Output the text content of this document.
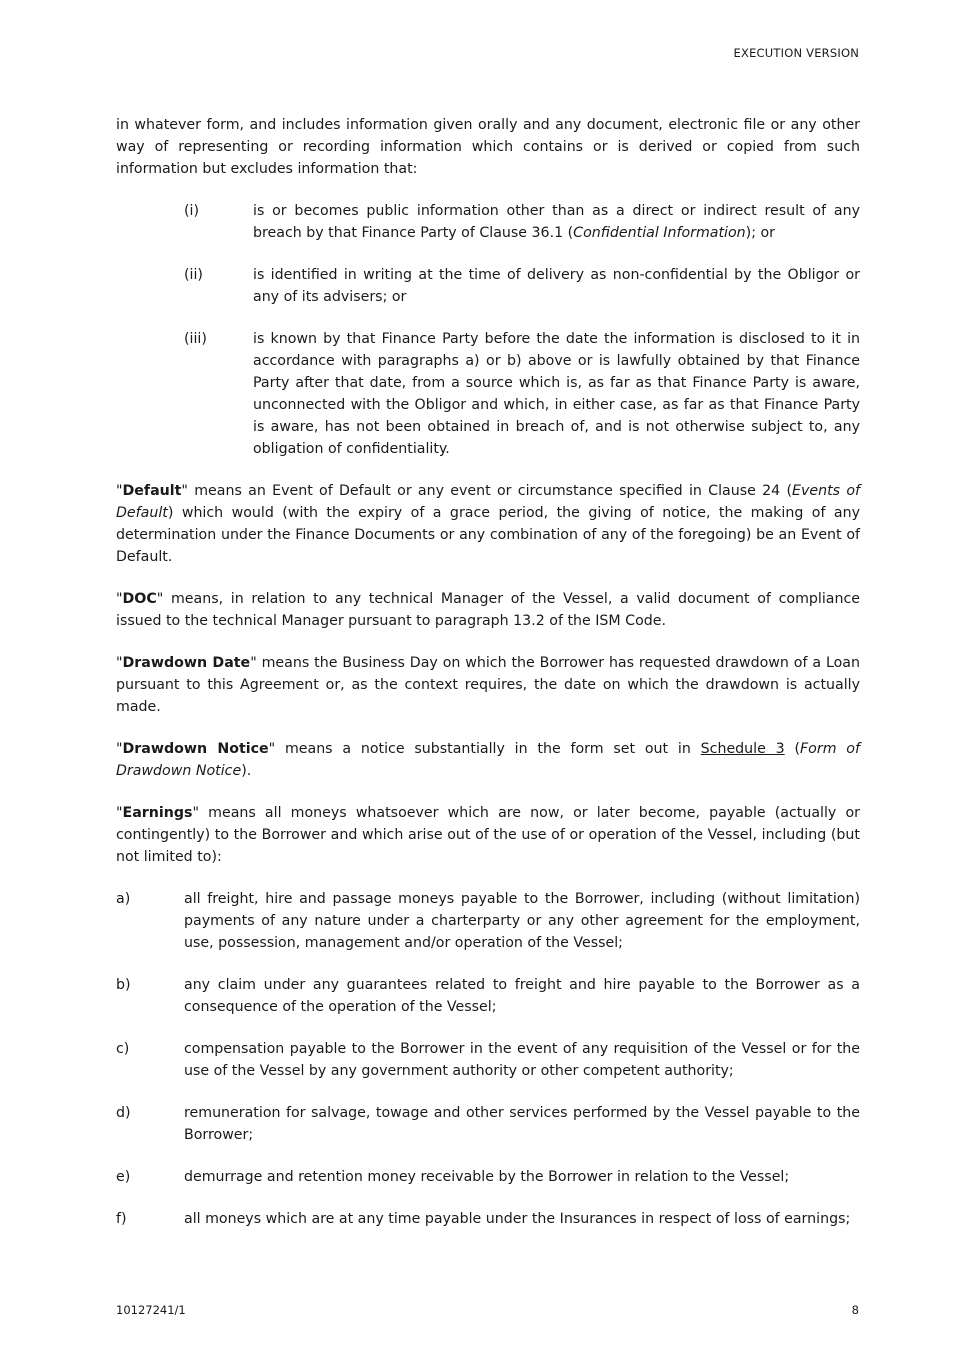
EXECUTION VERSION

in whatever form, and includes information given orally and any document, electronic file or any other way of representing or recording information which contains or is derived or copied from such information but excludes information that:

(i)	is or becomes public information other than as a direct or indirect result of any breach by that Finance Party of Clause 36.1 (Confidential Information); or
(ii)	is identified in writing at the time of delivery as non-confidential by the Obligor or any of its advisers; or
(iii)	is known by that Finance Party before the date the information is disclosed to it in accordance with paragraphs a) or b) above or is lawfully obtained by that Finance Party after that date, from a source which is, as far as that Finance Party is aware, unconnected with the Obligor and which, in either case, as far as that Finance Party is aware, has not been obtained in breach of, and is not otherwise subject to, any obligation of confidentiality.

"Default" means an Event of Default or any event or circumstance specified in Clause 24 (Events of Default) which would (with the expiry of a grace period, the giving of notice, the making of any determination under the Finance Documents or any combination of any of the foregoing) be an Event of Default.

"DOC" means, in relation to any technical Manager of the Vessel, a valid document of compliance issued to the technical Manager pursuant to paragraph 13.2 of the ISM Code.

"Drawdown Date" means the Business Day on which the Borrower has requested drawdown of a Loan pursuant to this Agreement or, as the context requires, the date on which the drawdown is actually made.

"Drawdown Notice" means a notice substantially in the form set out in Schedule 3 (Form of Drawdown Notice).

"Earnings" means all moneys whatsoever which are now, or later become, payable (actually or contingently) to the Borrower and which arise out of the use of or operation of the Vessel, including (but not limited to):

a)	all freight, hire and passage moneys payable to the Borrower, including (without limitation) payments of any nature under a charterparty or any other agreement for the employment, use, possession, management and/or operation of the Vessel;
b)	any claim under any guarantees related to freight and hire payable to the Borrower as a consequence of the operation of the Vessel;
c)	compensation payable to the Borrower in the event of any requisition of the Vessel or for the use of the Vessel by any government authority or other competent authority;
d)	remuneration for salvage, towage and other services performed by the Vessel payable to the Borrower;
e)	demurrage and retention money receivable by the Borrower in relation to the Vessel;
f)	all moneys which are at any time payable under the Insurances in respect of loss of earnings;
10127241/1	8
